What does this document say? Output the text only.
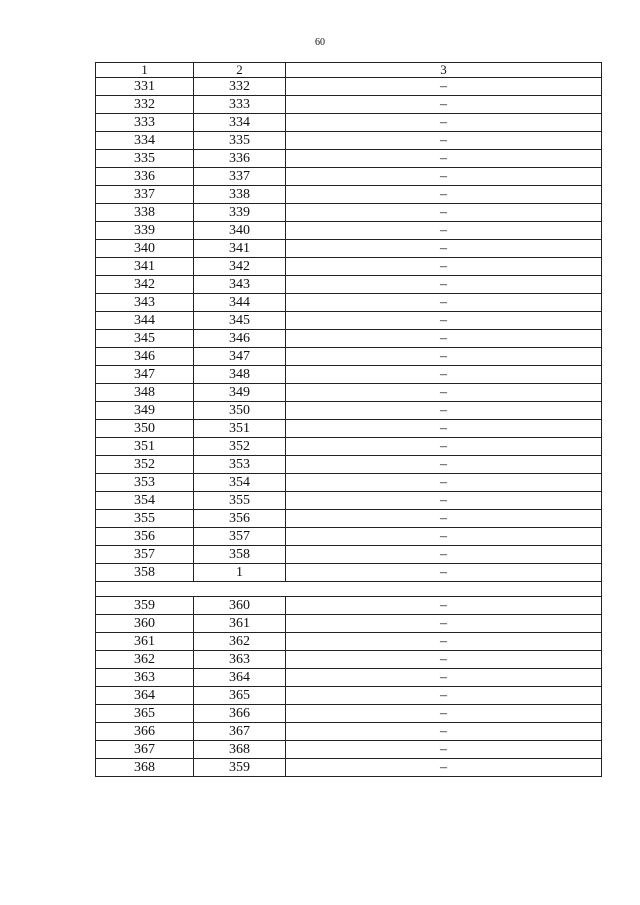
60
1	2	3
331	332	–
332	333	–
333	334	–
334	335	–
335	336	–
336	337	–
337	338	–
338	339	–
339	340	–
340	341	–
341	342	–
342	343	–
343	344	–
344	345	–
345	346	–
346	347	–
347	348	–
348	349	–
349	350	–
350	351	–
351	352	–
352	353	–
353	354	–
354	355	–
355	356	–
356	357	–
357	358	–
358	1	–

359	360	–
360	361	–
361	362	–
362	363	–
363	364	–
364	365	–
365	366	–
366	367	–
367	368	–
368	359	–
